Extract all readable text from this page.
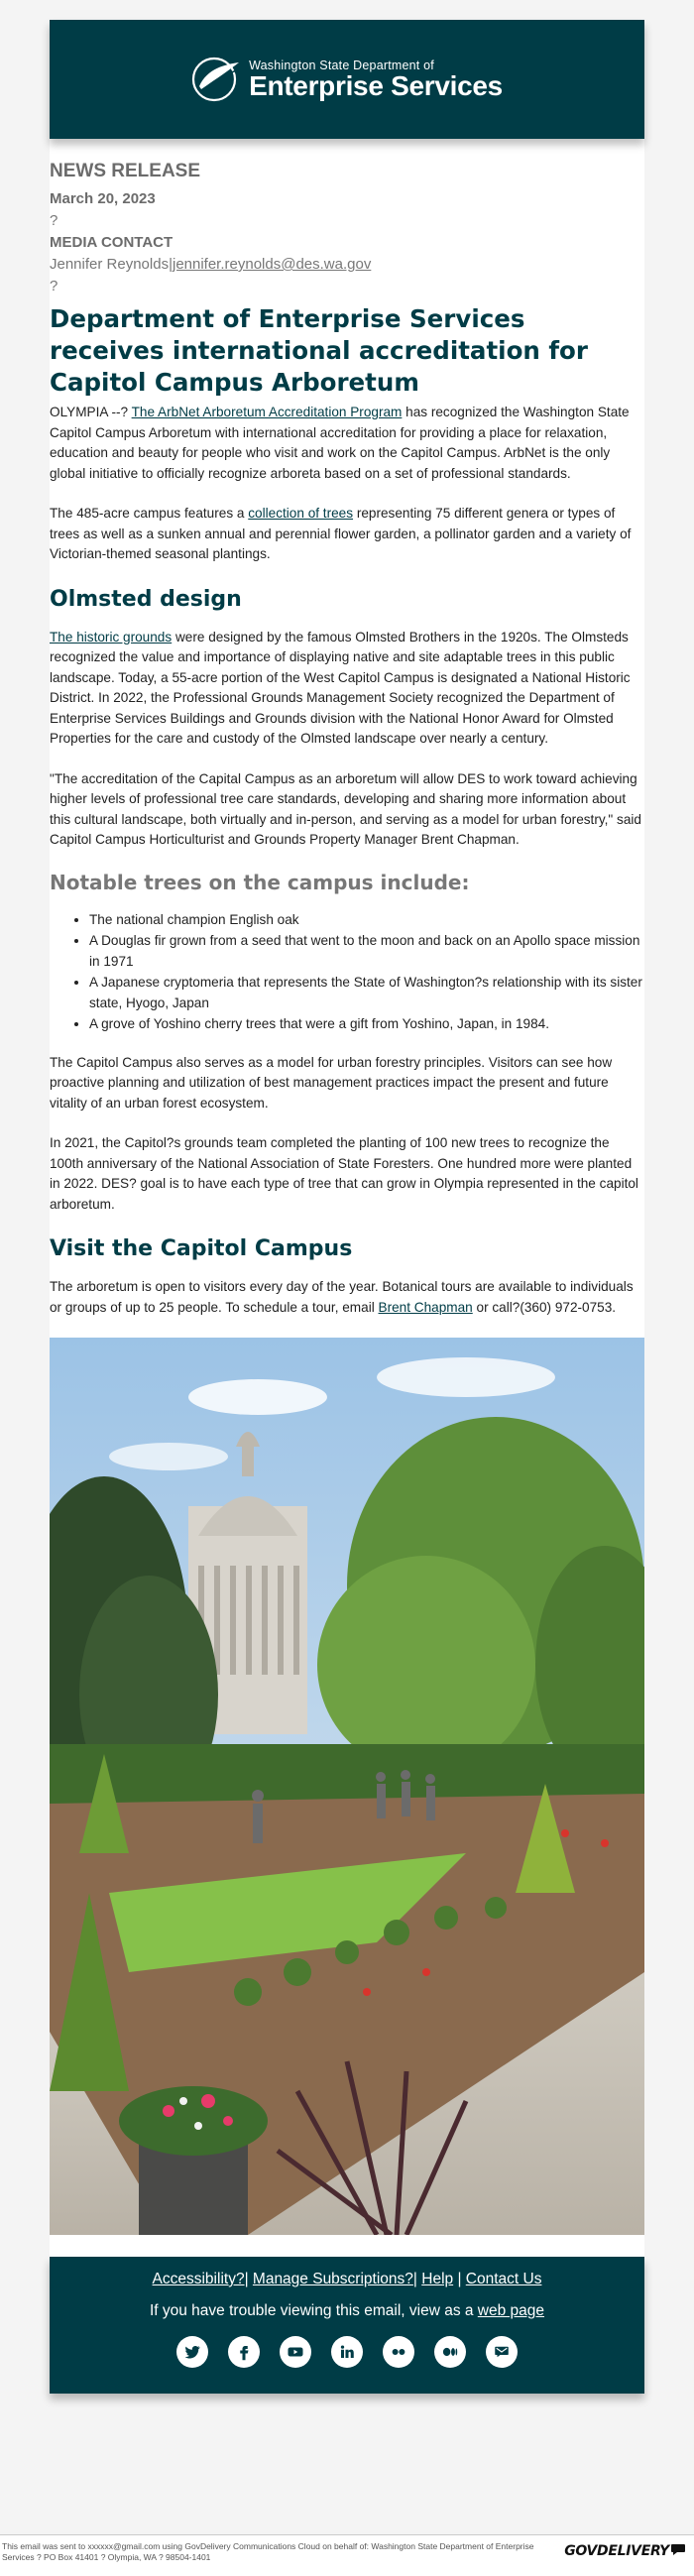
Washington State Department of
Enterprise Services
NEWS RELEASE
March 20, 2023
?
MEDIA CONTACT
Jennifer Reynolds|jennifer.reynolds@des.wa.gov
?
Department of Enterprise Services receives international accreditation for Capitol Campus Arboretum

OLYMPIA --? The ArbNet Arboretum Accreditation Program has recognized the Washington State Capitol Campus Arboretum with international accreditation for providing a place for relaxation, education and beauty for people who visit and work on the Capitol Campus. ArbNet is the only global initiative to officially recognize arboreta based on a set of professional standards.

The 485-acre campus features a collection of trees representing 75 different genera or types of trees as well as a sunken annual and perennial flower garden, a pollinator garden and a variety of Victorian-themed seasonal plantings.

Olmsted design

The historic grounds were designed by the famous Olmsted Brothers in the 1920s. The Olmsteds recognized the value and importance of displaying native and site adaptable trees in this public landscape. Today, a 55-acre portion of the West Capitol Campus is designated a National Historic District. In 2022, the Professional Grounds Management Society recognized the Department of Enterprise Services Buildings and Grounds division with the National Honor Award for Olmsted Properties for the care and custody of the Olmsted landscape over nearly a century.

"The accreditation of the Capital Campus as an arboretum will allow DES to work toward achieving higher levels of professional tree care standards, developing and sharing more information about this cultural landscape, both virtually and in-person, and serving as a model for urban forestry," said Capitol Campus Horticulturist and Grounds Property Manager Brent Chapman.

Notable trees on the campus include:
• The national champion English oak
• A Douglas fir grown from a seed that went to the moon and back on an Apollo space mission in 1971
• A Japanese cryptomeria that represents the State of Washington?s relationship with its sister state, Hyogo, Japan
• A grove of Yoshino cherry trees that were a gift from Yoshino, Japan, in 1984.

The Capitol Campus also serves as a model for urban forestry principles. Visitors can see how proactive planning and utilization of best management practices impact the present and future vitality of an urban forest ecosystem.

In 2021, the Capitol?s grounds team completed the planting of 100 new trees to recognize the 100th anniversary of the National Association of State Foresters. One hundred more were planted in 2022. DES? goal is to have each type of tree that can grow in Olympia represented in the capitol arboretum.

Visit the Capitol Campus

The arboretum is open to visitors every day of the year. Botanical tours are available to individuals or groups of up to 25 people. To schedule a tour, email Brent Chapman or call?(360) 972-0753.

Accessibility?| Manage Subscriptions?| Help | Contact Us
If you have trouble viewing this email, view as a web page
This email was sent to xxxxxx@gmail.com using GovDelivery Communications Cloud on behalf of: Washington State Department of Enterprise Services ? PO Box 41401 ? Olympia, WA ? 98504-1401	GOVDELIVERY
